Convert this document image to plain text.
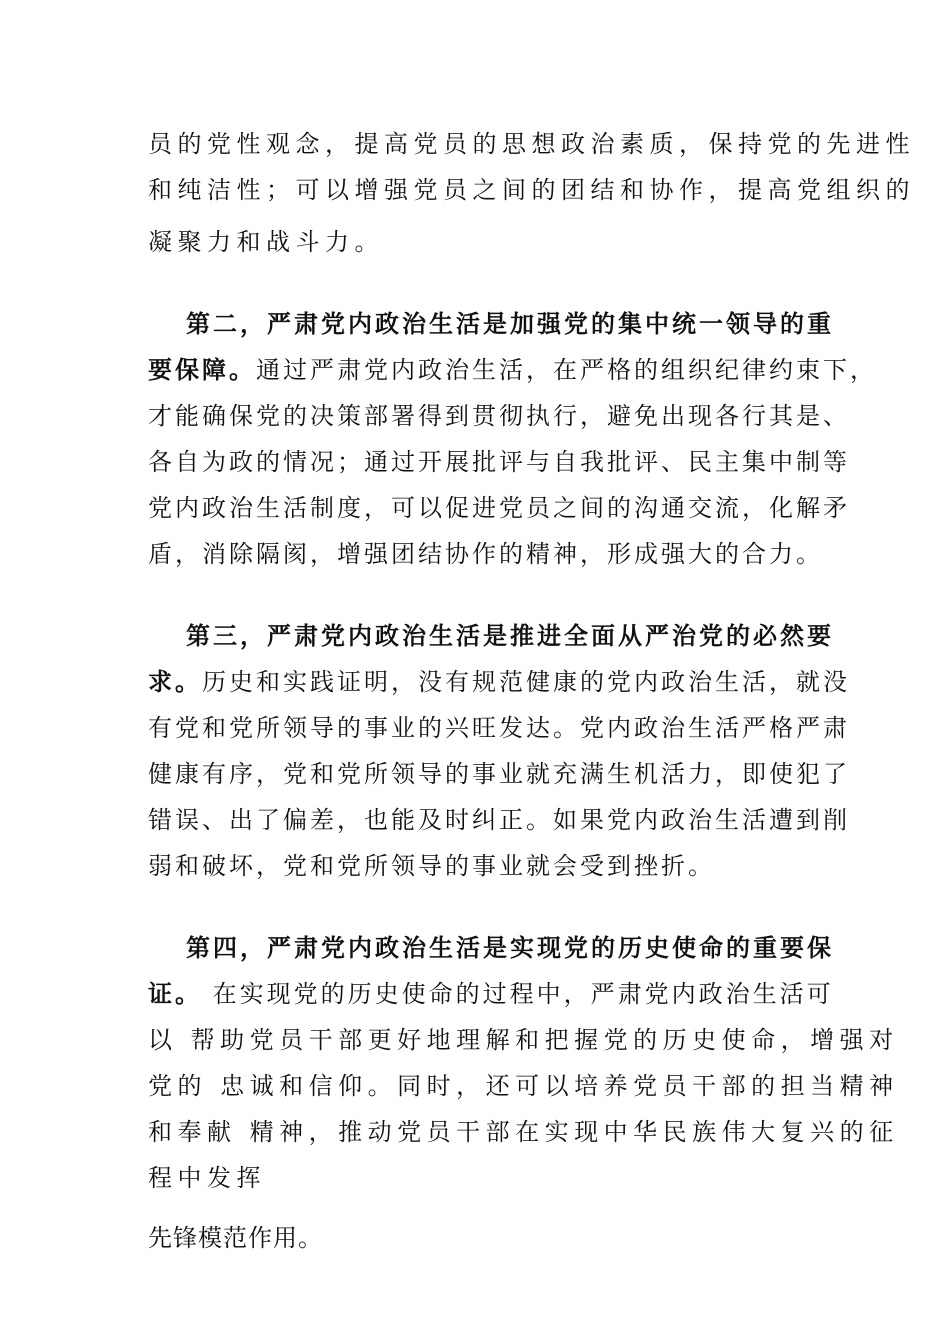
员的党性观念，提高党员的思想政治素质，保持党的先进性
和纯洁性；可以增强党员之间的团结和协作，提高党组织的
凝聚力和战斗力。
第二，严肃党内政治生活是加强党的集中统一领导的重
要保障。通过严肃党内政治生活，在严格的组织纪律约束下，
才能确保党的决策部署得到贯彻执行，避免出现各行其是、
各自为政的情况；通过开展批评与自我批评、民主集中制等
党内政治生活制度，可以促进党员之间的沟通交流，化解矛
盾，消除隔阂，增强团结协作的精神，形成强大的合力。
第三，严肃党内政治生活是推进全面从严治党的必然要
求。历史和实践证明，没有规范健康的党内政治生活，就没
有党和党所领导的事业的兴旺发达。党内政治生活严格严肃
健康有序，党和党所领导的事业就充满生机活力，即使犯了
错误、出了偏差，也能及时纠正。如果党内政治生活遭到削
弱和破坏，党和党所领导的事业就会受到挫折。
第四，严肃党内政治生活是实现党的历史使命的重要保
证。 在实现党的历史使命的过程中，严肃党内政治生活可
以 帮助党员干部更好地理解和把握党的历史使命，增强对
党的 忠诚和信仰。同时，还可以培养党员干部的担当精神
和奉献 精神，推动党员干部在实现中华民族伟大复兴的征
程中发挥
先锋模范作用。
